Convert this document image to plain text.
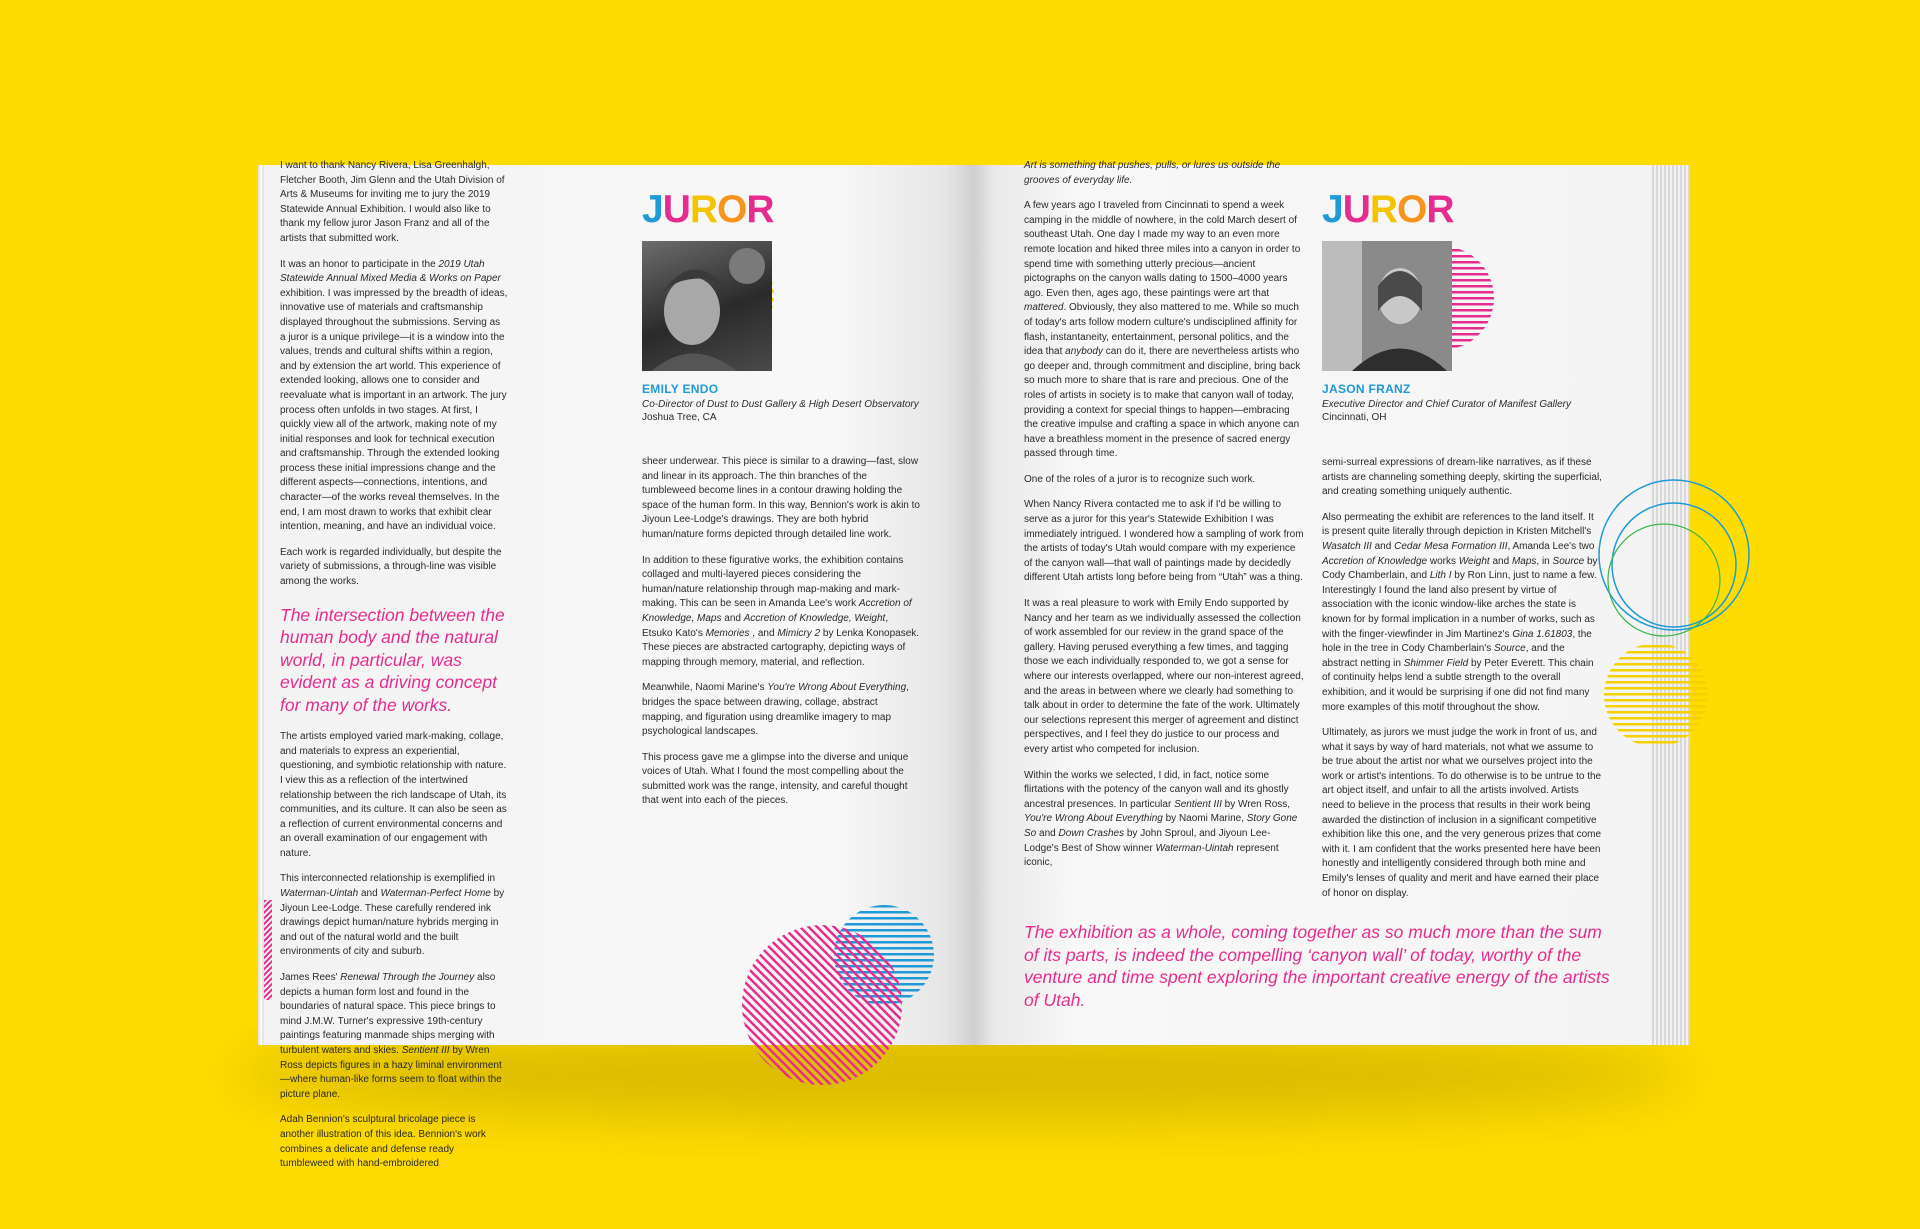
I want to thank Nancy Rivera, Lisa Greenhalgh, Fletcher Booth, Jim Glenn and the Utah Division of Arts & Museums for inviting me to jury the 2019 Statewide Annual Exhibition. I would also like to thank my fellow juror Jason Franz and all of the artists that submitted work.

It was an honor to participate in the 2019 Utah Statewide Annual Mixed Media & Works on Paper exhibition. I was impressed by the breadth of ideas, innovative use of materials and craftsmanship displayed throughout the submissions. Serving as a juror is a unique privilege—it is a window into the values, trends and cultural shifts within a region, and by extension the art world. This experience of extended looking, allows one to consider and reevaluate what is important in an artwork. The jury process often unfolds in two stages. At first, I quickly view all of the artwork, making note of my initial responses and look for technical execution and craftsmanship. Through the extended looking process these initial impressions change and the different aspects—connections, intentions, and character—of the works reveal themselves. In the end, I am most drawn to works that exhibit clear intention, meaning, and have an individual voice.

Each work is regarded individually, but despite the variety of submissions, a through-line was visible among the works.

The intersection between the human body and the natural world, in particular, was evident as a driving concept for many of the works.

The artists employed varied mark-making, collage, and materials to express an experiential, questioning, and symbiotic relationship with nature. I view this as a reflection of the intertwined relationship between the rich landscape of Utah, its communities, and its culture. It can also be seen as a reflection of current environmental concerns and an overall examination of our engagement with nature.

This interconnected relationship is exemplified in Waterman-Uintah and Waterman-Perfect Home by Jiyoun Lee-Lodge. These carefully rendered ink drawings depict human/nature hybrids merging in and out of the natural world and the built environments of city and suburb.

James Rees' Renewal Through the Journey also depicts a human form lost and found in the boundaries of natural space. This piece brings to mind J.M.W. Turner's expressive 19th-century paintings featuring manmade ships merging with turbulent waters and skies. Sentient III by Wren Ross depicts figures in a hazy liminal environment—where human-like forms seem to float within the picture plane.

Adah Bennion's sculptural bricolage piece is another illustration of this idea. Bennion's work combines a delicate and defense ready tumbleweed with hand-embroidered

JUROR
EMILY ENDO
Co-Director of Dust to Dust Gallery & High Desert Observatory
Joshua Tree, CA

sheer underwear. This piece is similar to a drawing—fast, slow and linear in its approach. The thin branches of the tumbleweed become lines in a contour drawing holding the space of the human form. In this way, Bennion's work is akin to Jiyoun Lee-Lodge's drawings. They are both hybrid human/nature forms depicted through detailed line work.

In addition to these figurative works, the exhibition contains collaged and multi-layered pieces considering the human/nature relationship through map-making and mark-making. This can be seen in Amanda Lee's work Accretion of Knowledge, Maps and Accretion of Knowledge, Weight, Etsuko Kato's Memories , and Mimicry 2 by Lenka Konopasek. These pieces are abstracted cartography, depicting ways of mapping through memory, material, and reflection.

Meanwhile, Naomi Marine's You're Wrong About Everything, bridges the space between drawing, collage, abstract mapping, and figuration using dreamlike imagery to map psychological landscapes.

This process gave me a glimpse into the diverse and unique voices of Utah. What I found the most compelling about the submitted work was the range, intensity, and careful thought that went into each of the pieces.

Art is something that pushes, pulls, or lures us outside the grooves of everyday life.

A few years ago I traveled from Cincinnati to spend a week camping in the middle of nowhere, in the cold March desert of southeast Utah. One day I made my way to an even more remote location and hiked three miles into a canyon in order to spend time with something utterly precious—ancient pictographs on the canyon walls dating to 1500–4000 years ago. Even then, ages ago, these paintings were art that mattered. Obviously, they also mattered to me. While so much of today's arts follow modern culture's undisciplined affinity for flash, instantaneity, entertainment, personal politics, and the idea that anybody can do it, there are nevertheless artists who go deeper and, through commitment and discipline, bring back so much more to share that is rare and precious. One of the roles of artists in society is to make that canyon wall of today, providing a context for special things to happen—embracing the creative impulse and crafting a space in which anyone can have a breathless moment in the presence of sacred energy passed through time.

One of the roles of a juror is to recognize such work.

When Nancy Rivera contacted me to ask if I'd be willing to serve as a juror for this year's Statewide Exhibition I was immediately intrigued. I wondered how a sampling of work from the artists of today's Utah would compare with my experience of the canyon wall—that wall of paintings made by decidedly different Utah artists long before being from “Utah” was a thing.

It was a real pleasure to work with Emily Endo supported by Nancy and her team as we individually assessed the collection of work assembled for our review in the grand space of the gallery. Having perused everything a few times, and tagging those we each individually responded to, we got a sense for where our interests overlapped, where our non-interest agreed, and the areas in between where we clearly had something to talk about in order to determine the fate of the work. Ultimately our selections represent this merger of agreement and distinct perspectives, and I feel they do justice to our process and every artist who competed for inclusion.

Within the works we selected, I did, in fact, notice some flirtations with the potency of the canyon wall and its ghostly ancestral presences. In particular Sentient III by Wren Ross, You're Wrong About Everything by Naomi Marine, Story Gone So and Down Crashes by John Sproul, and Jiyoun Lee-Lodge's Best of Show winner Waterman-Uintah represent iconic,

JUROR
JASON FRANZ
Executive Director and Chief Curator of Manifest Gallery
Cincinnati, OH

semi-surreal expressions of dream-like narratives, as if these artists are channeling something deeply, skirting the superficial, and creating something uniquely authentic.

Also permeating the exhibit are references to the land itself. It is present quite literally through depiction in Kristen Mitchell's Wasatch III and Cedar Mesa Formation III, Amanda Lee's two Accretion of Knowledge works Weight and Maps, in Source by Cody Chamberlain, and Lith I by Ron Linn, just to name a few. Interestingly I found the land also present by virtue of association with the iconic window-like arches the state is known for by formal implication in a number of works, such as with the finger-viewfinder in Jim Martinez's Gina 1.61803, the hole in the tree in Cody Chamberlain's Source, and the abstract netting in Shimmer Field by Peter Everett. This chain of continuity helps lend a subtle strength to the overall exhibition, and it would be surprising if one did not find many more examples of this motif throughout the show.

Ultimately, as jurors we must judge the work in front of us, and what it says by way of hard materials, not what we assume to be true about the artist nor what we ourselves project into the work or artist's intentions. To do otherwise is to be untrue to the art object itself, and unfair to all the artists involved. Artists need to believe in the process that results in their work being awarded the distinction of inclusion in a significant competitive exhibition like this one, and the very generous prizes that come with it. I am confident that the works presented here have been honestly and intelligently considered through both mine and Emily's lenses of quality and merit and have earned their place of honor on display.

The exhibition as a whole, coming together as so much more than the sum of its parts, is indeed the compelling ‘canyon wall’ of today, worthy of the venture and time spent exploring the important creative energy of the artists of Utah.
